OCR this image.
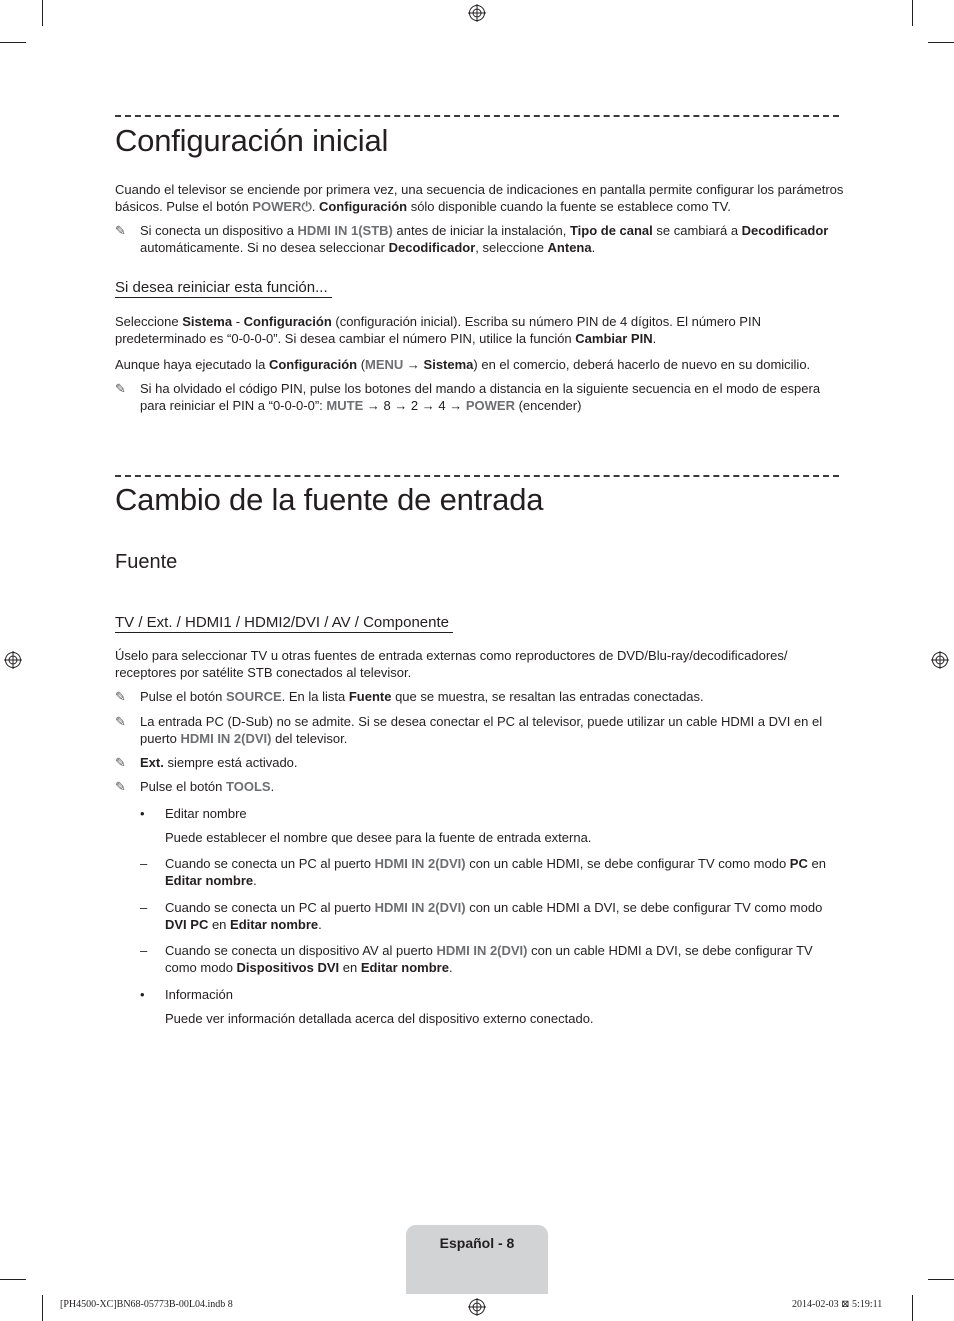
Configuración inicial

Cuando el televisor se enciende por primera vez, una secuencia de indicaciones en pantalla permite configurar los parámetros básicos. Pulse el botón POWER⏻. Configuración sólo disponible cuando la fuente se establece como TV.

✎	Si conecta un dispositivo a HDMI IN 1(STB) antes de iniciar la instalación, Tipo de canal se cambiará a Decodificador automáticamente. Si no desea seleccionar Decodificador, seleccione Antena.
Si desea reiniciar esta función...

Seleccione Sistema - Configuración (configuración inicial). Escriba su número PIN de 4 dígitos. El número PIN predeterminado es “0-0-0-0”. Si desea cambiar el número PIN, utilice la función Cambiar PIN.

Aunque haya ejecutado la Configuración (MENU → Sistema) en el comercio, deberá hacerlo de nuevo en su domicilio.

✎	Si ha olvidado el código PIN, pulse los botones del mando a distancia en la siguiente secuencia en el modo de espera para reiniciar el PIN a “0-0-0-0”: MUTE → 8 → 2 → 4 → POWER (encender)
Cambio de la fuente de entrada
Fuente
TV / Ext. / HDMI1 / HDMI2/DVI / AV / Componente

Úselo para seleccionar TV u otras fuentes de entrada externas como reproductores de DVD/Blu-ray/decodificadores/ receptores por satélite STB conectados al televisor.

✎	Pulse el botón SOURCE. En la lista Fuente que se muestra, se resaltan las entradas conectadas.
✎	La entrada PC (D-Sub) no se admite. Si se desea conectar el PC al televisor, puede utilizar un cable HDMI a DVI en el puerto HDMI IN 2(DVI) del televisor.
✎	Ext. siempre está activado.
✎	Pulse el botón TOOLS.
•	Editar nombre

Puede establecer el nombre que desee para la fuente de entrada externa.

–	Cuando se conecta un PC al puerto HDMI IN 2(DVI) con un cable HDMI, se debe configurar TV como modo PC en Editar nombre.
–	Cuando se conecta un PC al puerto HDMI IN 2(DVI) con un cable HDMI a DVI, se debe configurar TV como modo DVI PC en Editar nombre.
–	Cuando se conecta un dispositivo AV al puerto HDMI IN 2(DVI) con un cable HDMI a DVI, se debe configurar TV como modo Dispositivos DVI en Editar nombre.
•	Información

Puede ver información detallada acerca del dispositivo externo conectado.

Español - 8
[PH4500-XC]BN68-05773B-00L04.indb 8	2014-02-03 ⊠ 5:19:11
